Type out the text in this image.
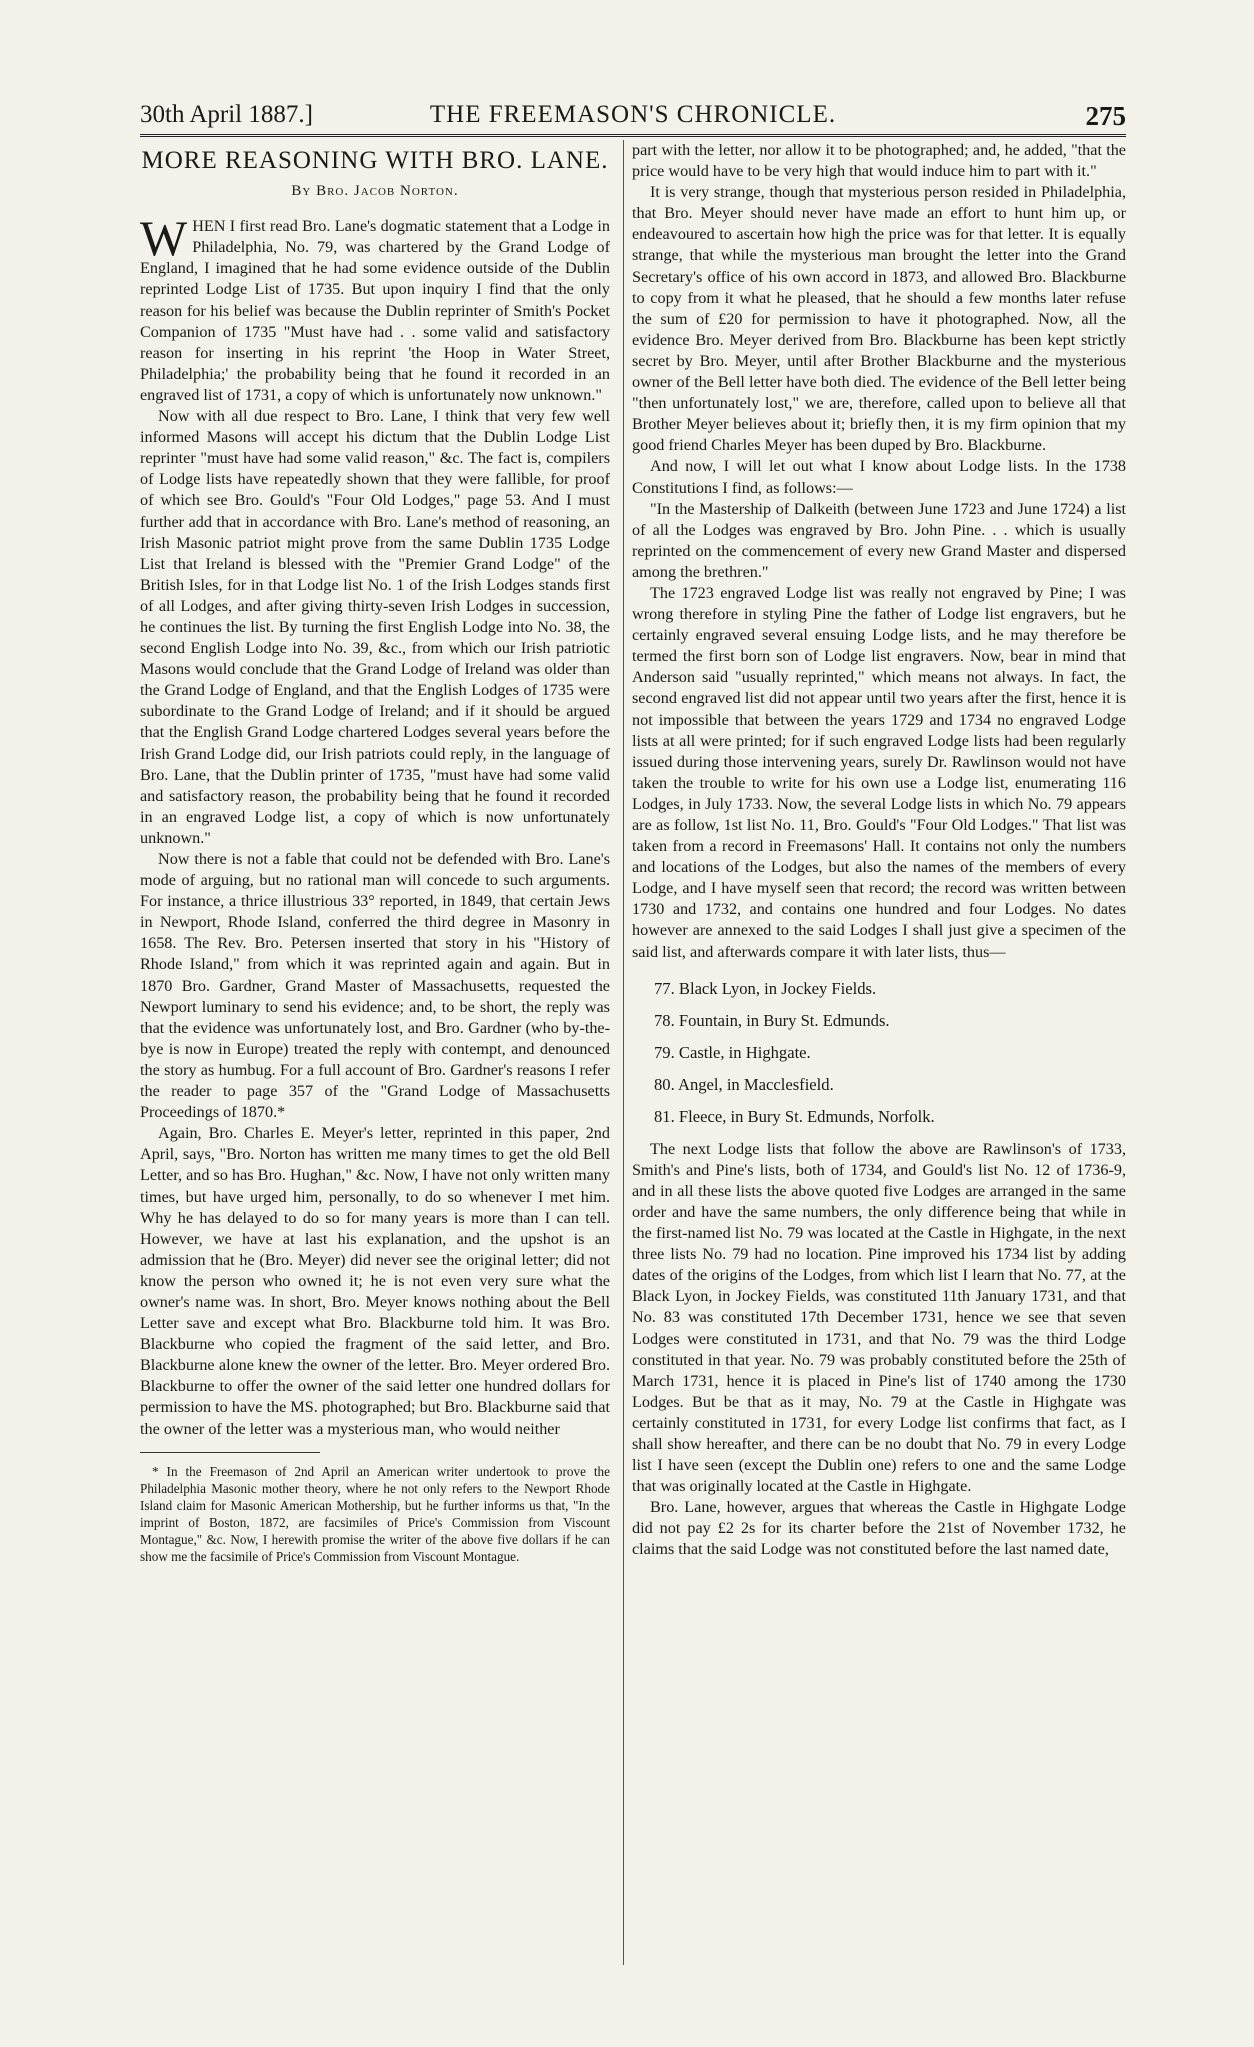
30th April 1887.]	THE FREEMASON'S CHRONICLE.	275
MORE REASONING WITH BRO. LANE.
By Bro. Jacob Norton.

WHEN I first read Bro. Lane's dogmatic statement that a Lodge in Philadelphia, No. 79, was chartered by the Grand Lodge of England, I imagined that he had some evidence outside of the Dublin reprinted Lodge List of 1735. But upon inquiry I find that the only reason for his belief was because the Dublin reprinter of Smith's Pocket Companion of 1735 "Must have had . . some valid and satisfactory reason for inserting in his reprint 'the Hoop in Water Street, Philadelphia;' the probability being that he found it recorded in an engraved list of 1731, a copy of which is unfortunately now unknown."

Now with all due respect to Bro. Lane, I think that very few well informed Masons will accept his dictum that the Dublin Lodge List reprinter "must have had some valid reason," &c. The fact is, compilers of Lodge lists have repeatedly shown that they were fallible, for proof of which see Bro. Gould's "Four Old Lodges," page 53. And I must further add that in accordance with Bro. Lane's method of reasoning, an Irish Masonic patriot might prove from the same Dublin 1735 Lodge List that Ireland is blessed with the "Premier Grand Lodge" of the British Isles, for in that Lodge list No. 1 of the Irish Lodges stands first of all Lodges, and after giving thirty-seven Irish Lodges in succession, he continues the list. By turning the first English Lodge into No. 38, the second English Lodge into No. 39, &c., from which our Irish patriotic Masons would conclude that the Grand Lodge of Ireland was older than the Grand Lodge of England, and that the English Lodges of 1735 were subordinate to the Grand Lodge of Ireland; and if it should be argued that the English Grand Lodge chartered Lodges several years before the Irish Grand Lodge did, our Irish patriots could reply, in the language of Bro. Lane, that the Dublin printer of 1735, "must have had some valid and satisfactory reason, the probability being that he found it recorded in an engraved Lodge list, a copy of which is now unfortunately unknown."

Now there is not a fable that could not be defended with Bro. Lane's mode of arguing, but no rational man will concede to such arguments. For instance, a thrice illustrious 33° reported, in 1849, that certain Jews in Newport, Rhode Island, conferred the third degree in Masonry in 1658. The Rev. Bro. Petersen inserted that story in his "History of Rhode Island," from which it was reprinted again and again. But in 1870 Bro. Gardner, Grand Master of Massachusetts, requested the Newport luminary to send his evidence; and, to be short, the reply was that the evidence was unfortunately lost, and Bro. Gardner (who by-the-bye is now in Europe) treated the reply with contempt, and denounced the story as humbug. For a full account of Bro. Gardner's reasons I refer the reader to page 357 of the "Grand Lodge of Massachusetts Proceedings of 1870.*

Again, Bro. Charles E. Meyer's letter, reprinted in this paper, 2nd April, says, "Bro. Norton has written me many times to get the old Bell Letter, and so has Bro. Hughan," &c. Now, I have not only written many times, but have urged him, personally, to do so whenever I met him. Why he has delayed to do so for many years is more than I can tell. However, we have at last his explanation, and the upshot is an admission that he (Bro. Meyer) did never see the original letter; did not know the person who owned it; he is not even very sure what the owner's name was. In short, Bro. Meyer knows nothing about the Bell Letter save and except what Bro. Blackburne told him. It was Bro. Blackburne who copied the fragment of the said letter, and Bro. Blackburne alone knew the owner of the letter. Bro. Meyer ordered Bro. Blackburne to offer the owner of the said letter one hundred dollars for permission to have the MS. photographed; but Bro. Blackburne said that the owner of the letter was a mysterious man, who would neither

* In the Freemason of 2nd April an American writer undertook to prove the Philadelphia Masonic mother theory, where he not only refers to the Newport Rhode Island claim for Masonic American Mothership, but he further informs us that, "In the imprint of Boston, 1872, are facsimiles of Price's Commission from Viscount Montague," &c. Now, I herewith promise the writer of the above five dollars if he can show me the facsimile of Price's Commission from Viscount Montague.

part with the letter, nor allow it to be photographed; and, he added, "that the price would have to be very high that would induce him to part with it."

It is very strange, though that mysterious person resided in Philadelphia, that Bro. Meyer should never have made an effort to hunt him up, or endeavoured to ascertain how high the price was for that letter. It is equally strange, that while the mysterious man brought the letter into the Grand Secretary's office of his own accord in 1873, and allowed Bro. Blackburne to copy from it what he pleased, that he should a few months later refuse the sum of £20 for permission to have it photographed. Now, all the evidence Bro. Meyer derived from Bro. Blackburne has been kept strictly secret by Bro. Meyer, until after Brother Blackburne and the mysterious owner of the Bell letter have both died. The evidence of the Bell letter being "then unfortunately lost," we are, therefore, called upon to believe all that Brother Meyer believes about it; briefly then, it is my firm opinion that my good friend Charles Meyer has been duped by Bro. Blackburne.

And now, I will let out what I know about Lodge lists. In the 1738 Constitutions I find, as follows:—

"In the Mastership of Dalkeith (between June 1723 and June 1724) a list of all the Lodges was engraved by Bro. John Pine. . . which is usually reprinted on the commencement of every new Grand Master and dispersed among the brethren."

The 1723 engraved Lodge list was really not engraved by Pine; I was wrong therefore in styling Pine the father of Lodge list engravers, but he certainly engraved several ensuing Lodge lists, and he may therefore be termed the first born son of Lodge list engravers. Now, bear in mind that Anderson said "usually reprinted," which means not always. In fact, the second engraved list did not appear until two years after the first, hence it is not impossible that between the years 1729 and 1734 no engraved Lodge lists at all were printed; for if such engraved Lodge lists had been regularly issued during those intervening years, surely Dr. Rawlinson would not have taken the trouble to write for his own use a Lodge list, enumerating 116 Lodges, in July 1733. Now, the several Lodge lists in which No. 79 appears are as follow, 1st list No. 11, Bro. Gould's "Four Old Lodges." That list was taken from a record in Freemasons' Hall. It contains not only the numbers and locations of the Lodges, but also the names of the members of every Lodge, and I have myself seen that record; the record was written between 1730 and 1732, and contains one hundred and four Lodges. No dates however are annexed to the said Lodges I shall just give a specimen of the said list, and afterwards compare it with later lists, thus—

77. Black Lyon, in Jockey Fields.
78. Fountain, in Bury St. Edmunds.
79. Castle, in Highgate.
80. Angel, in Macclesfield.
81. Fleece, in Bury St. Edmunds, Norfolk.

The next Lodge lists that follow the above are Rawlinson's of 1733, Smith's and Pine's lists, both of 1734, and Gould's list No. 12 of 1736-9, and in all these lists the above quoted five Lodges are arranged in the same order and have the same numbers, the only difference being that while in the first-named list No. 79 was located at the Castle in Highgate, in the next three lists No. 79 had no location. Pine improved his 1734 list by adding dates of the origins of the Lodges, from which list I learn that No. 77, at the Black Lyon, in Jockey Fields, was constituted 11th January 1731, and that No. 83 was constituted 17th December 1731, hence we see that seven Lodges were constituted in 1731, and that No. 79 was the third Lodge constituted in that year. No. 79 was probably constituted before the 25th of March 1731, hence it is placed in Pine's list of 1740 among the 1730 Lodges. But be that as it may, No. 79 at the Castle in Highgate was certainly constituted in 1731, for every Lodge list confirms that fact, as I shall show hereafter, and there can be no doubt that No. 79 in every Lodge list I have seen (except the Dublin one) refers to one and the same Lodge that was originally located at the Castle in Highgate.

Bro. Lane, however, argues that whereas the Castle in Highgate Lodge did not pay £2 2s for its charter before the 21st of November 1732, he claims that the said Lodge was not constituted before the last named date,
